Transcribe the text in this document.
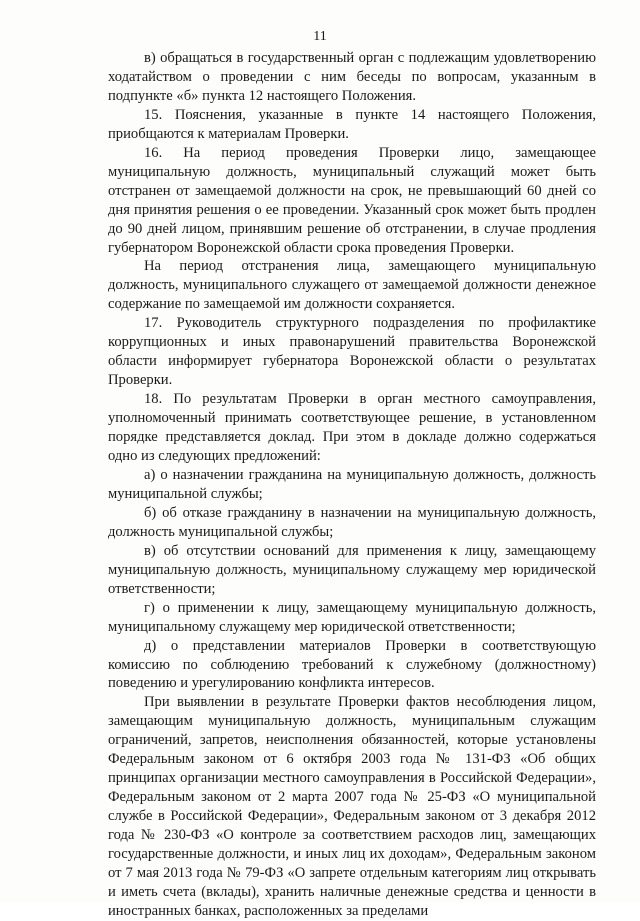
11

в) обращаться в государственный орган с подлежащим удовлетворению ходатайством о проведении с ним беседы по вопросам, указанным в подпункте «б» пункта 12 настоящего Положения.

15. Пояснения, указанные в пункте 14 настоящего Положения, приобщаются к материалам Проверки.

16. На период проведения Проверки лицо, замещающее муниципальную должность, муниципальный служащий может быть отстранен от замещаемой должности на срок, не превышающий 60 дней со дня принятия решения о ее проведении. Указанный срок может быть продлен до 90 дней лицом, принявшим решение об отстранении, в случае продления губернатором Воронежской области срока проведения Проверки.

На период отстранения лица, замещающего муниципальную должность, муниципального служащего от замещаемой должности денежное содержание по замещаемой им должности сохраняется.

17. Руководитель структурного подразделения по профилактике коррупционных и иных правонарушений правительства Воронежской области информирует губернатора Воронежской области о результатах Проверки.

18. По результатам Проверки в орган местного самоуправления, уполномоченный принимать соответствующее решение, в установленном порядке представляется доклад. При этом в докладе должно содержаться одно из следующих предложений:

а) о назначении гражданина на муниципальную должность, должность муниципальной службы;

б) об отказе гражданину в назначении на муниципальную должность, должность муниципальной службы;

в) об отсутствии оснований для применения к лицу, замещающему муниципальную должность, муниципальному служащему мер юридической ответственности;

г) о применении к лицу, замещающему муниципальную должность, муниципальному служащему мер юридической ответственности;

д) о представлении материалов Проверки в соответствующую комиссию по соблюдению требований к служебному (должностному) поведению и урегулированию конфликта интересов.

При выявлении в результате Проверки фактов несоблюдения лицом, замещающим муниципальную должность, муниципальным служащим ограничений, запретов, неисполнения обязанностей, которые установлены Федеральным законом от 6 октября 2003 года № 131-ФЗ «Об общих принципах организации местного самоуправления в Российской Федерации», Федеральным законом от 2 марта 2007 года № 25-ФЗ «О муниципальной службе в Российской Федерации», Федеральным законом от 3 декабря 2012 года № 230-ФЗ «О контроле за соответствием расходов лиц, замещающих государственные должности, и иных лиц их доходам», Федеральным законом от 7 мая 2013 года № 79-ФЗ «О запрете отдельным категориям лиц открывать и иметь счета (вклады), хранить наличные денежные средства и ценности в иностранных банках, расположенных за пределами
